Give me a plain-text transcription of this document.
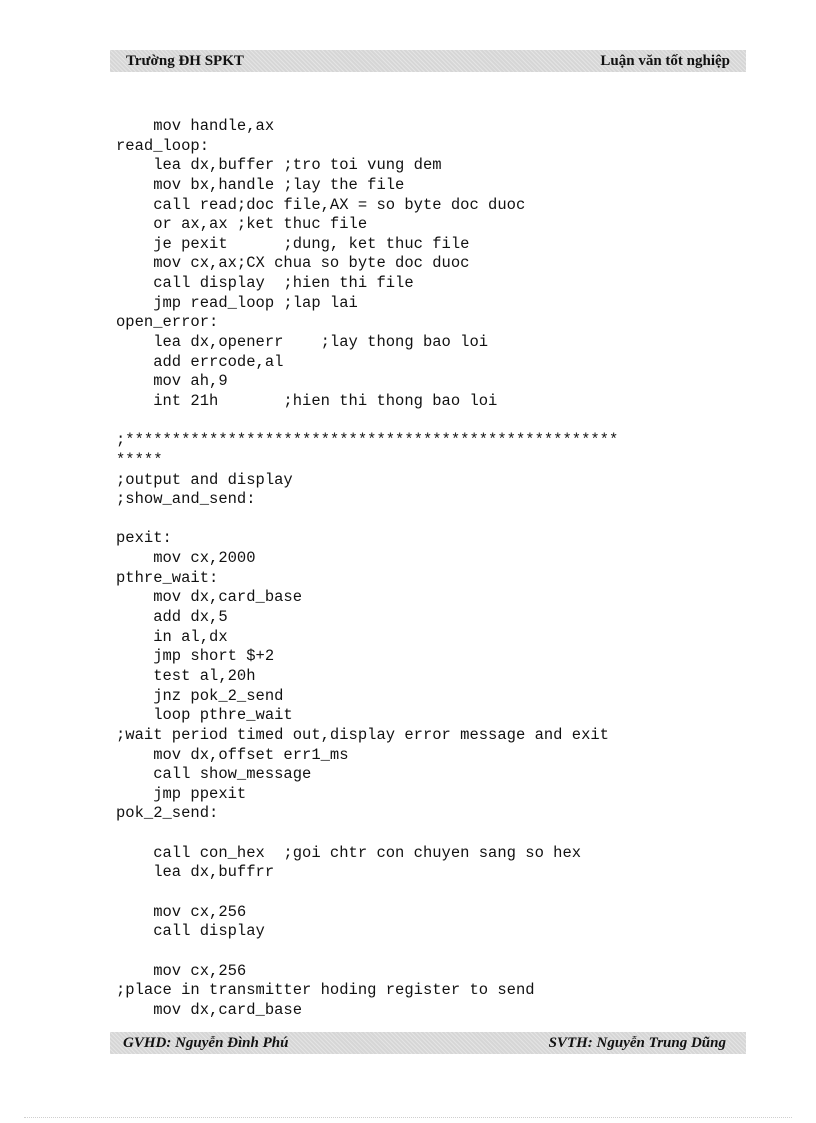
Trường ĐH SPKT	Luận văn tốt nghiệp
mov handle,ax
read_loop:
lea dx,buffer ;tro toi vung dem
mov bx,handle ;lay the file
call read;doc file,AX = so byte doc duoc
or ax,ax ;ket thuc file
je pexit      ;dung, ket thuc file
mov cx,ax;CX chua so byte doc duoc
call display  ;hien thi file
jmp read_loop ;lap lai
open_error:
lea dx,openerr    ;lay thong bao loi
add errcode,al
mov ah,9
int 21h       ;hien thi thong bao loi
;*****************************************************
*****
;output and display
;show_and_send:
pexit:
mov cx,2000
pthre_wait:
mov dx,card_base
add dx,5
in al,dx
jmp short $+2
test al,20h
jnz pok_2_send
loop pthre_wait
;wait period timed out,display error message and exit
mov dx,offset err1_ms
call show_message
jmp ppexit
pok_2_send:
call con_hex  ;goi chtr con chuyen sang so hex
lea dx,buffrr
mov cx,256
call display
mov cx,256
;place in transmitter hoding register to send
mov dx,card_base
GVHD: Nguyễn Đình Phú	SVTH: Nguyễn Trung Dũng
